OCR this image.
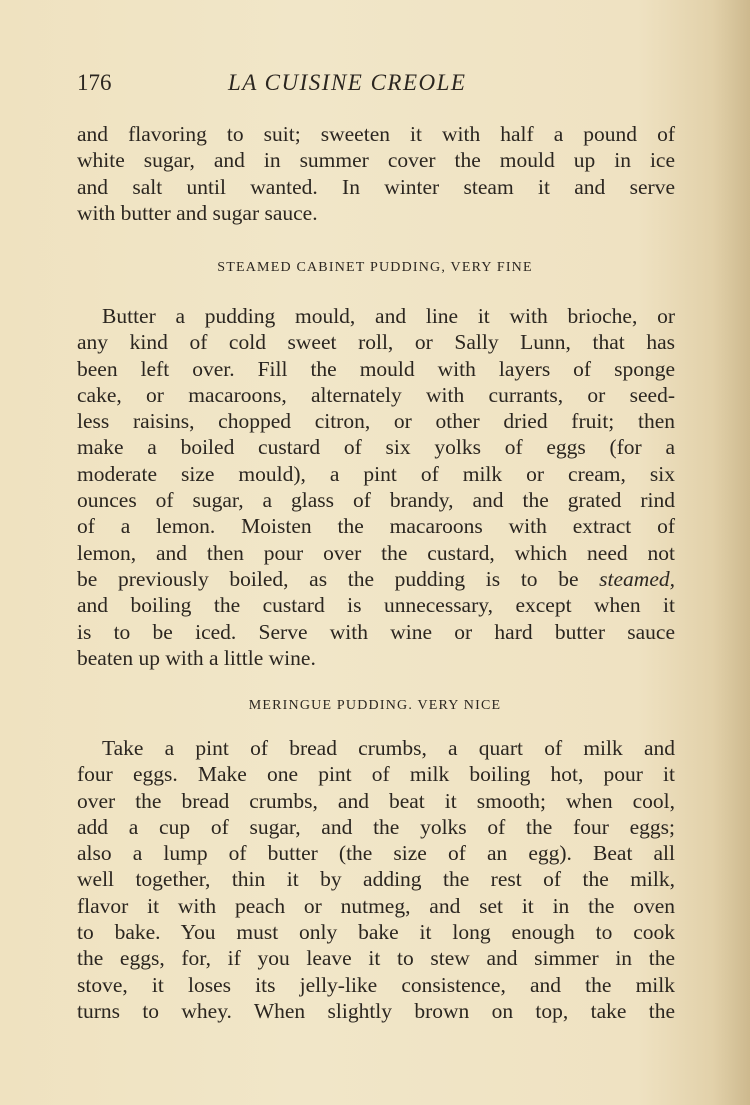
176	LA CUISINE CREOLE
and flavoring to suit; sweeten it with half a pound of
white sugar, and in summer cover the mould up in ice
and salt until wanted. In winter steam it and serve
with butter and sugar sauce.
STEAMED CABINET PUDDING, VERY FINE
Butter a pudding mould, and line it with brioche, or
any kind of cold sweet roll, or Sally Lunn, that has
been left over. Fill the mould with layers of sponge
cake, or macaroons, alternately with currants, or seed-
less raisins, chopped citron, or other dried fruit; then
make a boiled custard of six yolks of eggs (for a
moderate size mould), a pint of milk or cream, six
ounces of sugar, a glass of brandy, and the grated rind
of a lemon. Moisten the macaroons with extract of
lemon, and then pour over the custard, which need not
be previously boiled, as the pudding is to be steamed,
and boiling the custard is unnecessary, except when it
is to be iced. Serve with wine or hard butter sauce
beaten up with a little wine.
MERINGUE PUDDING. VERY NICE
Take a pint of bread crumbs, a quart of milk and
four eggs. Make one pint of milk boiling hot, pour it
over the bread crumbs, and beat it smooth; when cool,
add a cup of sugar, and the yolks of the four eggs;
also a lump of butter (the size of an egg). Beat all
well together, thin it by adding the rest of the milk,
flavor it with peach or nutmeg, and set it in the oven
to bake. You must only bake it long enough to cook
the eggs, for, if you leave it to stew and simmer in the
stove, it loses its jelly-like consistence, and the milk
turns to whey. When slightly brown on top, take the
